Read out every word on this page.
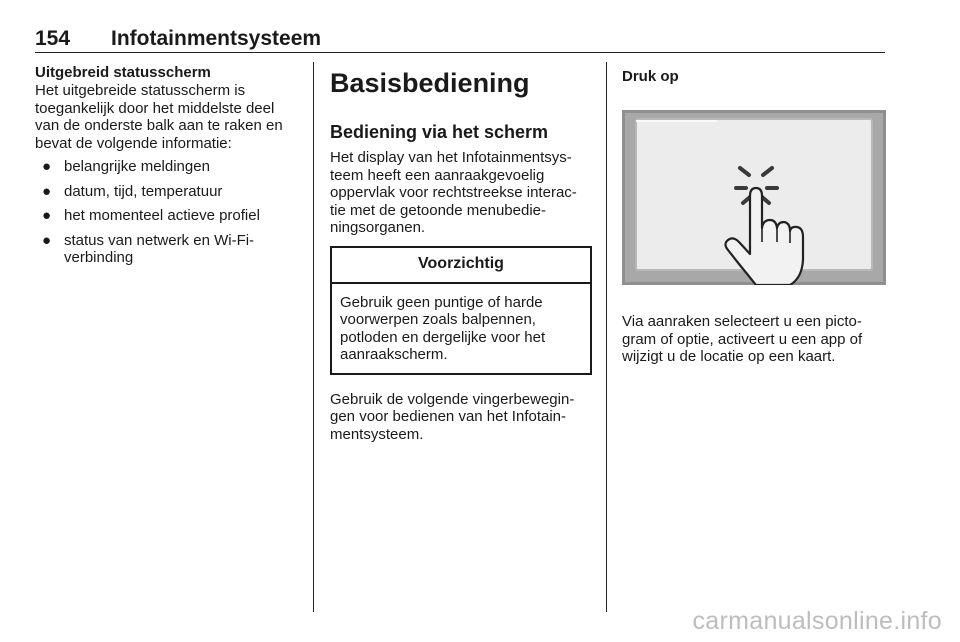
154 Infotainmentsysteem

Uitgebreid statusscherm

Het uitgebreide statusscherm is

toegankelijk door het middelste deel

van de onderste balk aan te raken en

bevat de volgende informatie:

● belangrijke meldingen
● datum, tijd, temperatuur
● het momenteel actieve profiel
● status van netwerk en Wi-Fi-
verbinding
Basisbediening
Bediening via het scherm

Het display van het Infotainmentsys-

teem heeft een aanraakgevoelig

oppervlak voor rechtstreekse interac-

tie met de getoonde menubedie-

ningsorganen.

Voorzichtig

Gebruik geen puntige of harde

voorwerpen zoals balpennen,

potloden en dergelijke voor het

aanraakscherm.

Gebruik de volgende vingerbewegin-

gen voor bedienen van het Infotain-

mentsysteem.

Druk op

Via aanraken selecteert u een picto-

gram of optie, activeert u een app of

wijzigt u de locatie op een kaart.

carmanualsonline.info
